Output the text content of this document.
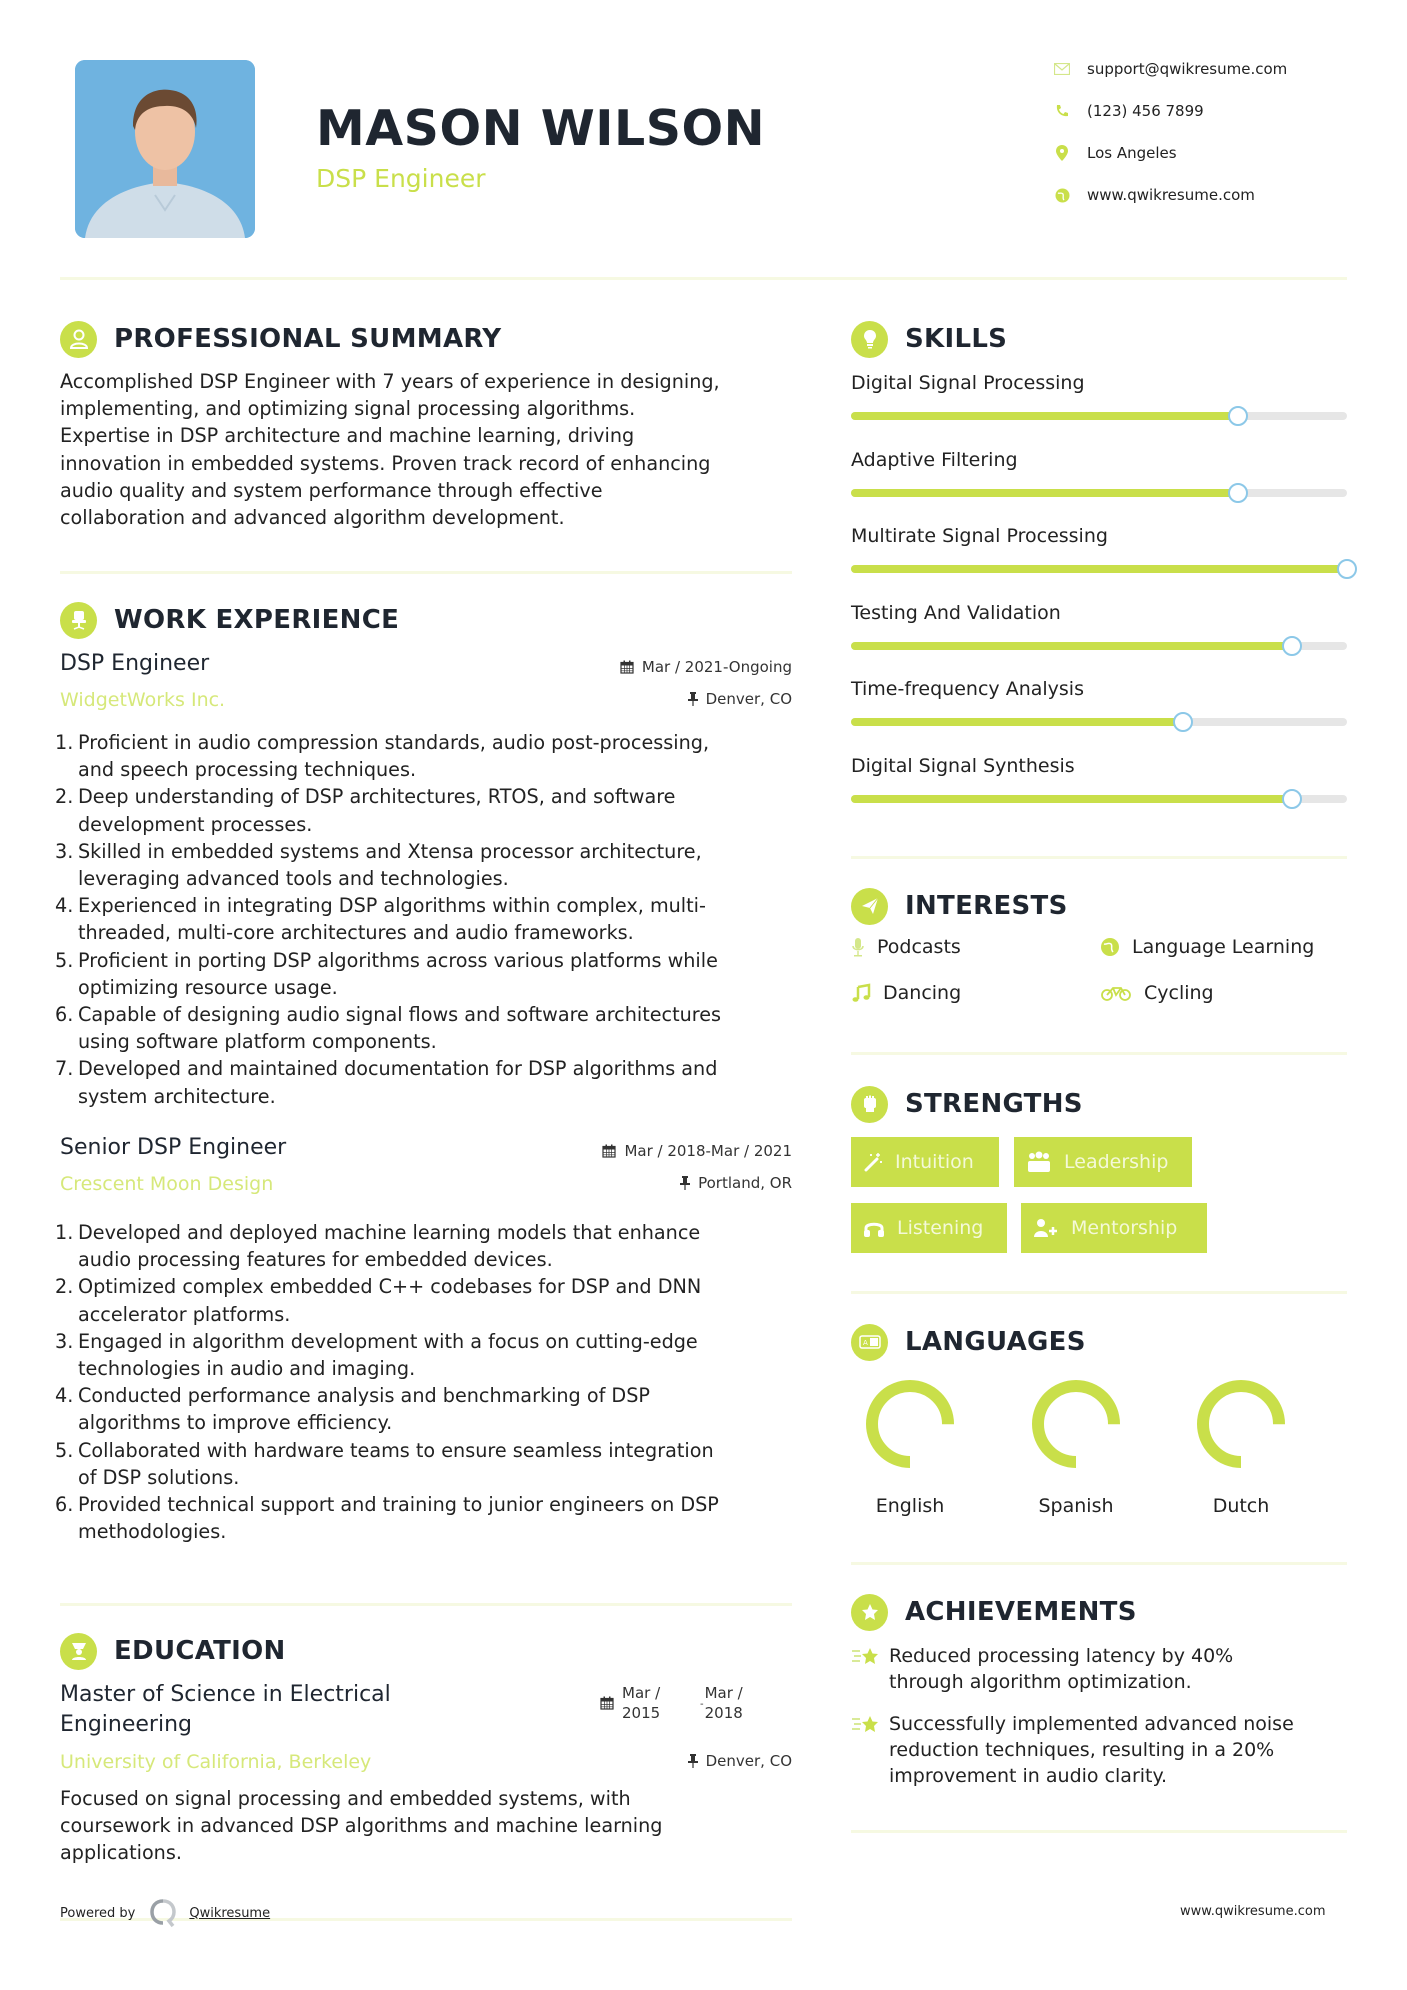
MASON WILSON
DSP Engineer
support@qwikresume.com
(123) 456 7899
Los Angeles
www.qwikresume.com
PROFESSIONAL SUMMARY
Accomplished DSP Engineer with 7 years of experience in designing,
implementing, and optimizing signal processing algorithms.
Expertise in DSP architecture and machine learning, driving
innovation in embedded systems. Proven track record of enhancing
audio quality and system performance through effective
collaboration and advanced algorithm development.
WORK EXPERIENCE
DSP Engineer	Mar / 2021-Ongoing
WidgetWorks Inc.	Denver, CO
1. Proficient in audio compression standards, audio post-processing,
and speech processing techniques.
2. Deep understanding of DSP architectures, RTOS, and software
development processes.
3. Skilled in embedded systems and Xtensa processor architecture,
leveraging advanced tools and technologies.
4. Experienced in integrating DSP algorithms within complex, multi-
threaded, multi-core architectures and audio frameworks.
5. Proficient in porting DSP algorithms across various platforms while
optimizing resource usage.
6. Capable of designing audio signal flows and software architectures
using software platform components.
7. Developed and maintained documentation for DSP algorithms and
system architecture.
Senior DSP Engineer	Mar / 2018-Mar / 2021
Crescent Moon Design	Portland, OR
1. Developed and deployed machine learning models that enhance
audio processing features for embedded devices.
2. Optimized complex embedded C++ codebases for DSP and DNN
accelerator platforms.
3. Engaged in algorithm development with a focus on cutting-edge
technologies in audio and imaging.
4. Conducted performance analysis and benchmarking of DSP
algorithms to improve efficiency.
5. Collaborated with hardware teams to ensure seamless integration
of DSP solutions.
6. Provided technical support and training to junior engineers on DSP
methodologies.
EDUCATION
Master of Science in Electrical
Engineering
Mar /
2015	-
Mar /
2018
University of California, Berkeley	Denver, CO
Focused on signal processing and embedded systems, with
coursework in advanced DSP algorithms and machine learning
applications.
SKILLS
Digital Signal Processing
Adaptive Filtering
Multirate Signal Processing
Testing And Validation
Time-frequency Analysis
Digital Signal Synthesis
INTERESTS
Podcasts	Language Learning
Dancing	Cycling
STRENGTHS
Intuition	Leadership
Listening	Mentorship
A LANGUAGES
English	Spanish	Dutch
ACHIEVEMENTS
Reduced processing latency by 40%
through algorithm optimization.
Successfully implemented advanced noise
reduction techniques, resulting in a 20%
improvement in audio clarity.
Powered by	Qwikresume	www.qwikresume.com
